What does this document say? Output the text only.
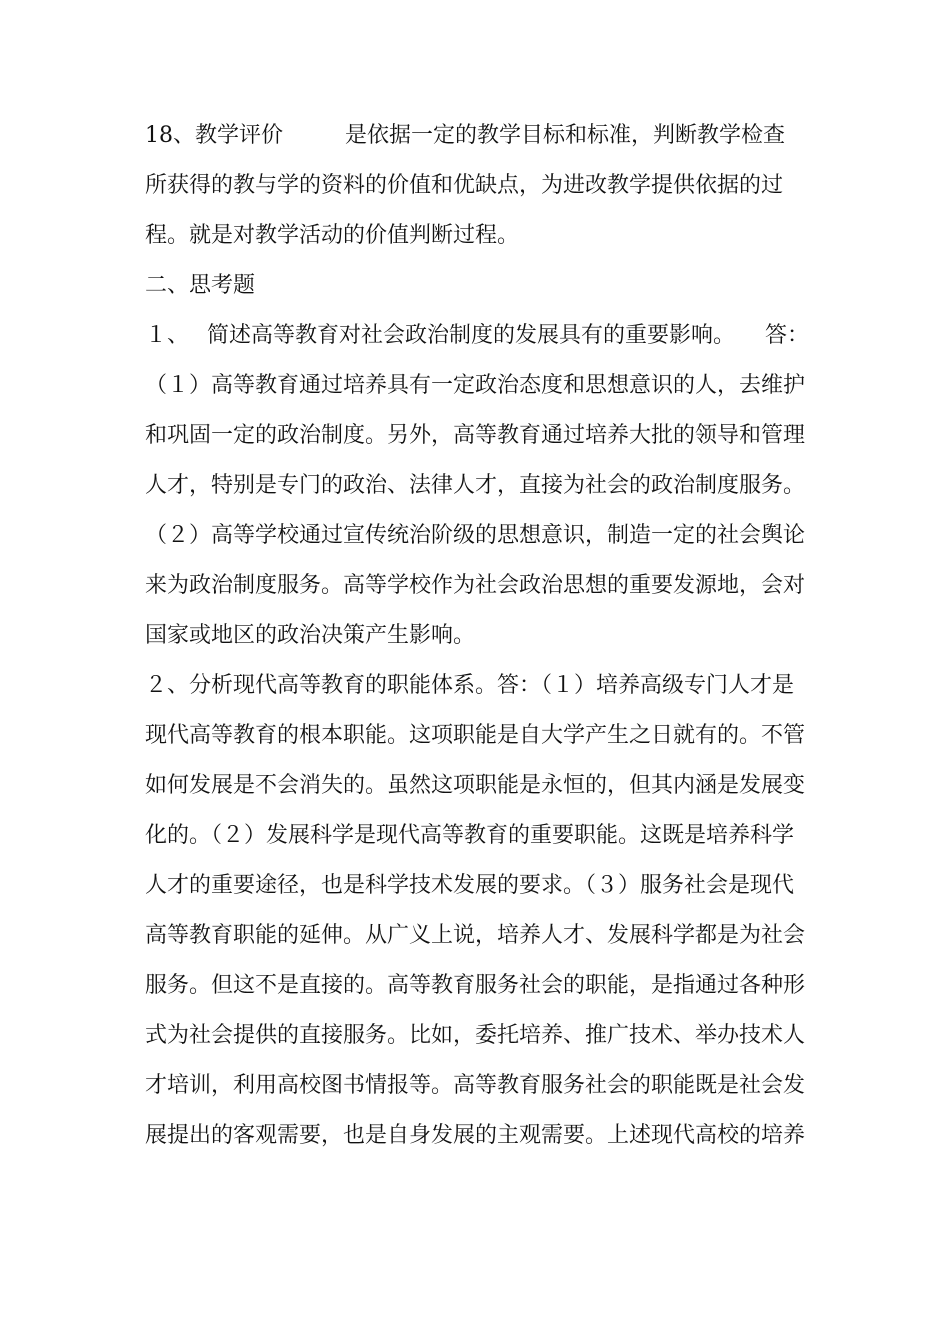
18、教学评价	是依据一定的教学目标和标准，判断教学检查
所获得的教与学的资料的价值和优缺点，为进改教学提供依据的过
程。就是对教学活动的价值判断过程。
二、思考题
１、 简述高等教育对社会政治制度的发展具有的重要影响。 答：
（１）高等教育通过培养具有一定政治态度和思想意识的人，去维护
和巩固一定的政治制度。另外，高等教育通过培养大批的领导和管理
人才，特别是专门的政治、法律人才，直接为社会的政治制度服务。
（２）高等学校通过宣传统治阶级的思想意识，制造一定的社会舆论
来为政治制度服务。高等学校作为社会政治思想的重要发源地，会对
国家或地区的政治决策产生影响。
２、分析现代高等教育的职能体系。答：（１）培养高级专门人才是
现代高等教育的根本职能。这项职能是自大学产生之日就有的。不管
如何发展是不会消失的。虽然这项职能是永恒的，但其内涵是发展变
化的。（２）发展科学是现代高等教育的重要职能。这既是培养科学
人才的重要途径，也是科学技术发展的要求。（３）服务社会是现代
高等教育职能的延伸。从广义上说，培养人才、发展科学都是为社会
服务。但这不是直接的。高等教育服务社会的职能，是指通过各种形
式为社会提供的直接服务。比如，委托培养、推广技术、举办技术人
才培训，利用高校图书情报等。高等教育服务社会的职能既是社会发
展提出的客观需要，也是自身发展的主观需要。上述现代高校的培养
